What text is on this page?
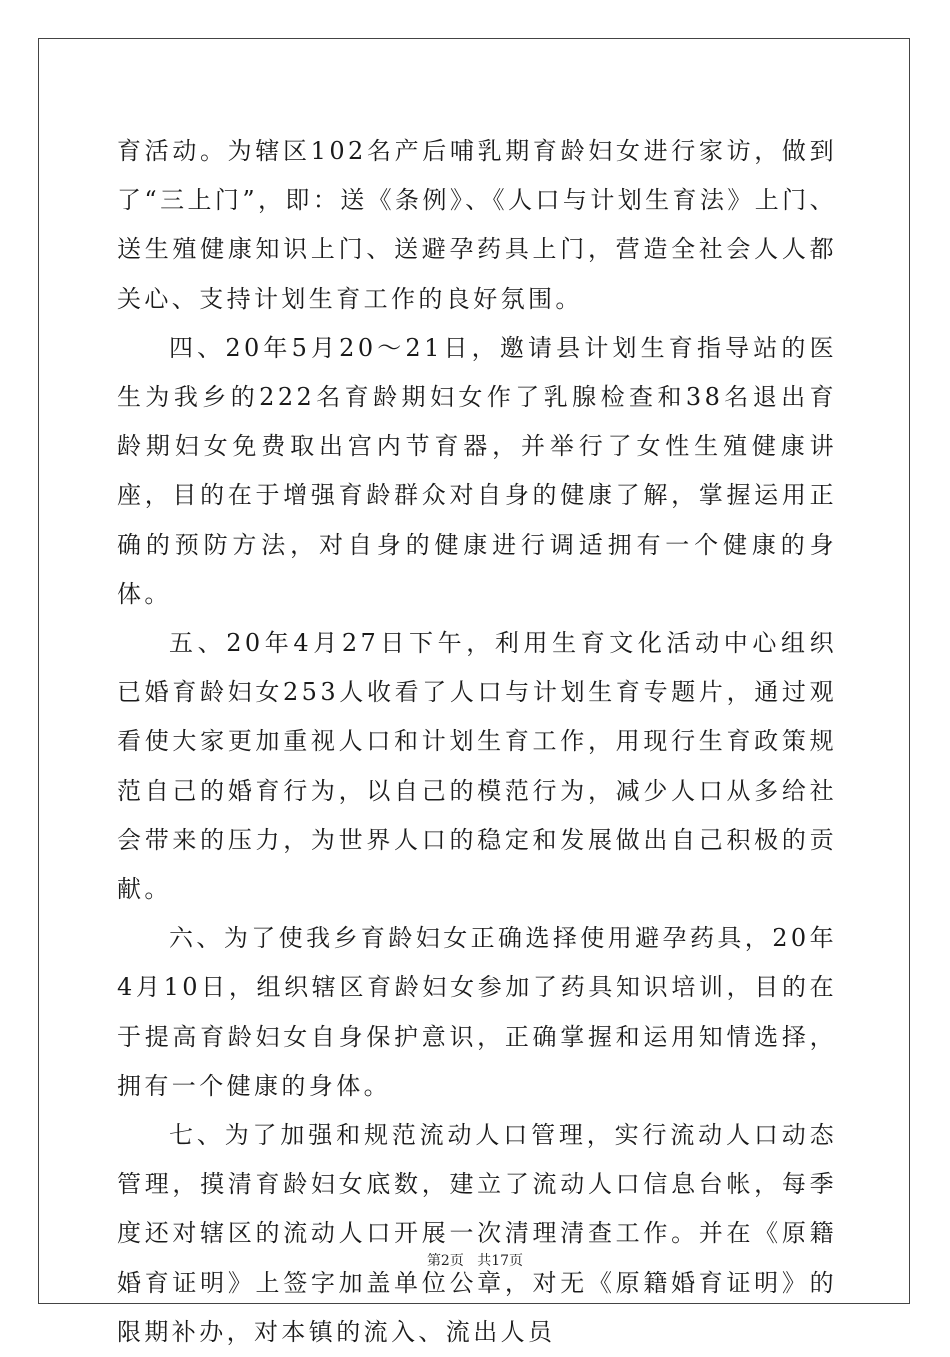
育活动。为辖区102名产后哺乳期育龄妇女进行家访，做到了“三上门”，即：送《条例》、《人口与计划生育法》上门、送生殖健康知识上门、送避孕药具上门，营造全社会人人都关心、支持计划生育工作的良好氛围。

四、20年5月20～21日，邀请县计划生育指导站的医生为我乡的222名育龄期妇女作了乳腺检查和38名退出育龄期妇女免费取出宫内节育器，并举行了女性生殖健康讲座，目的在于增强育龄群众对自身的健康了解，掌握运用正确的预防方法，对自身的健康进行调适拥有一个健康的身体。

五、20年4月27日下午，利用生育文化活动中心组织已婚育龄妇女253人收看了人口与计划生育专题片，通过观看使大家更加重视人口和计划生育工作，用现行生育政策规范自己的婚育行为，以自己的模范行为，减少人口从多给社会带来的压力，为世界人口的稳定和发展做出自己积极的贡献。

六、为了使我乡育龄妇女正确选择使用避孕药具，20年4月10日，组织辖区育龄妇女参加了药具知识培训，目的在于提高育龄妇女自身保护意识，正确掌握和运用知情选择，拥有一个健康的身体。

七、为了加强和规范流动人口管理，实行流动人口动态管理，摸清育龄妇女底数，建立了流动人口信息台帐，每季度还对辖区的流动人口开展一次清理清查工作。并在《原籍婚育证明》上签字加盖单位公章，对无《原籍婚育证明》的限期补办，对本镇的流入、流出人员

第2页 共17页
